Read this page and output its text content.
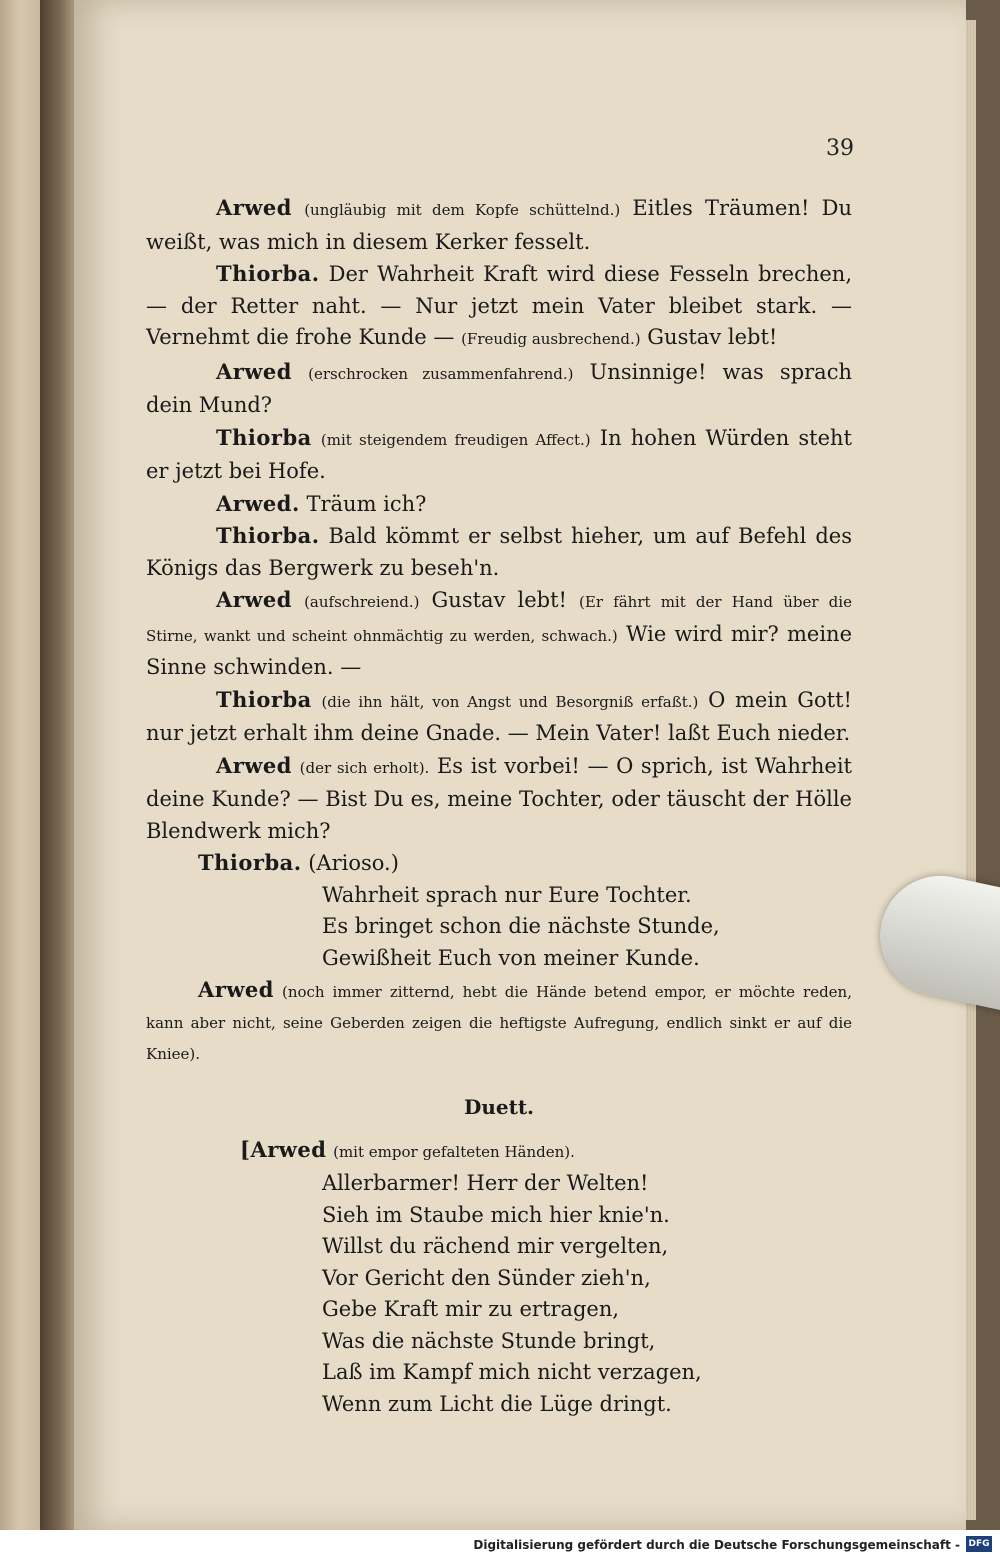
39

Arwed (ungläubig mit dem Kopfe schüttelnd.) Eitles Träumen! Du weißt, was mich in diesem Kerker fesselt.

Thiorba. Der Wahrheit Kraft wird diese Fesseln brechen, — der Retter naht. — Nur jetzt mein Vater bleibet stark. — Vernehmt die frohe Kunde — (Freudig ausbrechend.) Gustav lebt!

Arwed (erschrocken zusammenfahrend.) Unsinnige! was sprach dein Mund?

Thiorba (mit steigendem freudigen Affect.) In hohen Würden steht er jetzt bei Hofe.

Arwed. Träum ich?

Thiorba. Bald kömmt er selbst hieher, um auf Befehl des Königs das Bergwerk zu beseh'n.

Arwed (aufschreiend.) Gustav lebt! (Er fährt mit der Hand über die Stirne, wankt und scheint ohnmächtig zu werden, schwach.) Wie wird mir? meine Sinne schwinden. —

Thiorba (die ihn hält, von Angst und Besorgniß erfaßt.) O mein Gott! nur jetzt erhalt ihm deine Gnade. — Mein Vater! laßt Euch nieder.

Arwed (der sich erholt). Es ist vorbei! — O sprich, ist Wahrheit deine Kunde? — Bist Du es, meine Tochter, oder täuscht der Hölle Blendwerk mich?

Thiorba. (Arioso.)

Wahrheit sprach nur Eure Tochter.

Es bringet schon die nächste Stunde,

Gewißheit Euch von meiner Kunde.

Arwed (noch immer zitternd, hebt die Hände betend empor, er möchte reden, kann aber nicht, seine Geberden zeigen die heftigste Aufregung, endlich sinkt er auf die Kniee).

Duett.

[Arwed (mit empor gefalteten Händen).

Allerbarmer! Herr der Welten!

Sieh im Staube mich hier knie'n.

Willst du rächend mir vergelten,

Vor Gericht den Sünder zieh'n,

Gebe Kraft mir zu ertragen,

Was die nächste Stunde bringt,

Laß im Kampf mich nicht verzagen,

Wenn zum Licht die Lüge dringt.

Digitalisierung gefördert durch die Deutsche Forschungsgemeinschaft - DFG
